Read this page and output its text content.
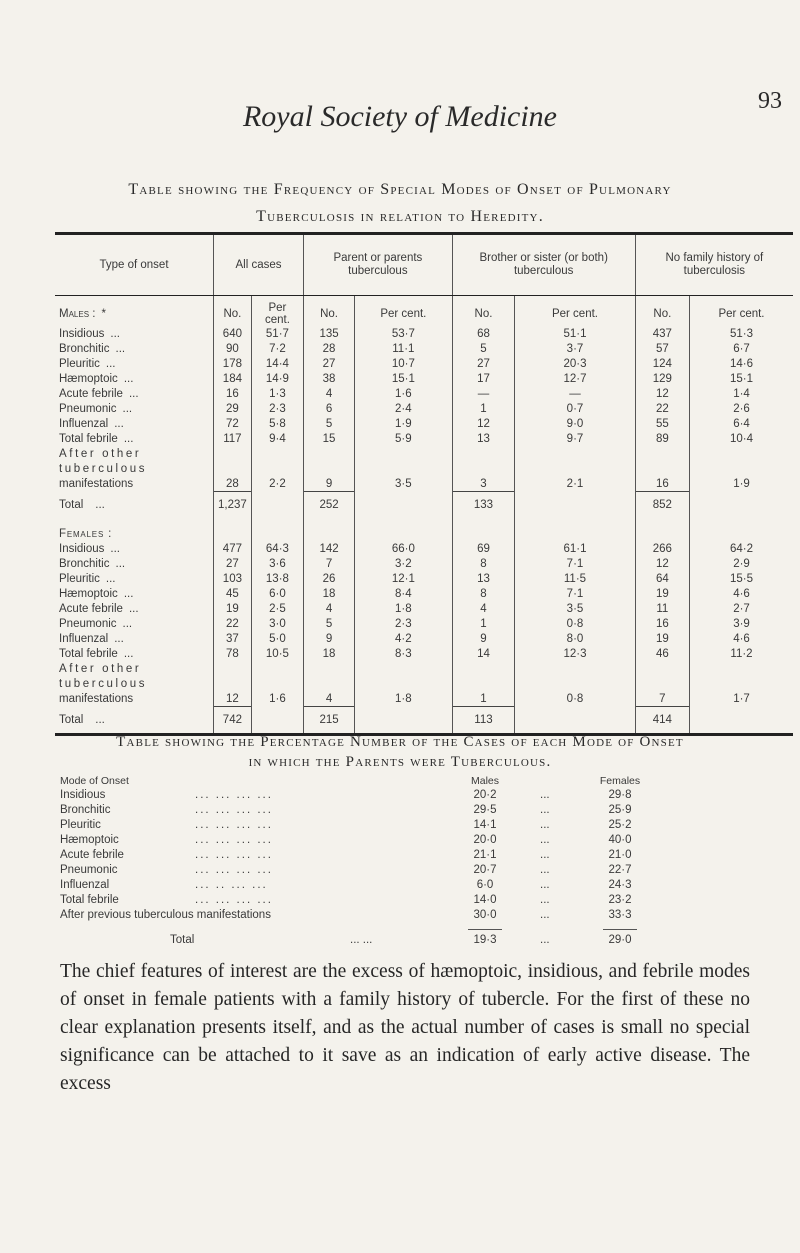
Royal Society of Medicine	93
Table showing the Frequency of Special Modes of Onset of Pulmonary
Tuberculosis in relation to Heredity.
Type of onset	All cases		Parent or parents tuberculous		Brother or sister (or both) tuberculous		No family history of tuberculosis	
Males : *	No.	Per cent.	No.	Per cent.	No.	Per cent.	No.	Per cent.
Insidious ...	640	51·7	135	53·7	68	51·1	437	51·3
Bronchitic ...	90	7·2	28	11·1	5	3·7	57	6·7
Pleuritic ...	178	14·4	27	10·7	27	20·3	124	14·6
Hæmoptoic ...	184	14·9	38	15·1	17	12·7	129	15·1
Acute febrile ...	16	1·3	4	1·6	—	—	12	1·4
Pneumonic ...	29	2·3	6	2·4	1	0·7	22	2·6
Influenzal ...	72	5·8	5	1·9	12	9·0	55	6·4
Total febrile ...	117	9·4	15	5·9	13	9·7	89	10·4
After other								
tuberculous								
manifestations	28	2·2	9	3·5	3	2·1	16	1·9
Total ...	1,237		252		133		852	
Females :								
Insidious ...	477	64·3	142	66·0	69	61·1	266	64·2
Bronchitic ...	27	3·6	7	3·2	8	7·1	12	2·9
Pleuritic ...	103	13·8	26	12·1	13	11·5	64	15·5
Hæmoptoic ...	45	6·0	18	8·4	8	7·1	19	4·6
Acute febrile ...	19	2·5	4	1·8	4	3·5	11	2·7
Pneumonic ...	22	3·0	5	2·3	1	0·8	16	3·9
Influenzal ...	37	5·0	9	4·2	9	8·0	19	4·6
Total febrile ...	78	10·5	18	8·3	14	12·3	46	11·2
After other								
tuberculous								
manifestations	12	1·6	4	1·8	1	0·8	7	1·7
Total ...	742		215		113		414	
Table showing the Percentage Number of the Cases of each Mode of Onset
in which the Parents were Tuberculous.
Mode of Onset	Males	Females
Insidious	... ... ... ...	20·2	...	29·8
Bronchitic	... ... ... ...	29·5	...	25·9
Pleuritic	... ... ... ...	14·1	...	25·2
Hæmoptoic	... ... ... ...	20·0	...	40·0
Acute febrile	... ... ... ...	21·1	...	21·0
Pneumonic	... ... ... ...	20·7	...	22·7
Influenzal	... .. ... ...	6·0	...	24·3
Total febrile	... ... ... ...	14·0	...	23·2
After previous tuberculous manifestations	30·0	...	33·3
Total	... ...	19·3	...	29·0
The chief features of interest are the excess of hæmoptoic, insidious, and febrile modes of onset in female patients with a family history of tubercle. For the first of these no clear explanation presents itself, and as the actual number of cases is small no special significance can be attached to it save as an indication of early active disease. The excess
